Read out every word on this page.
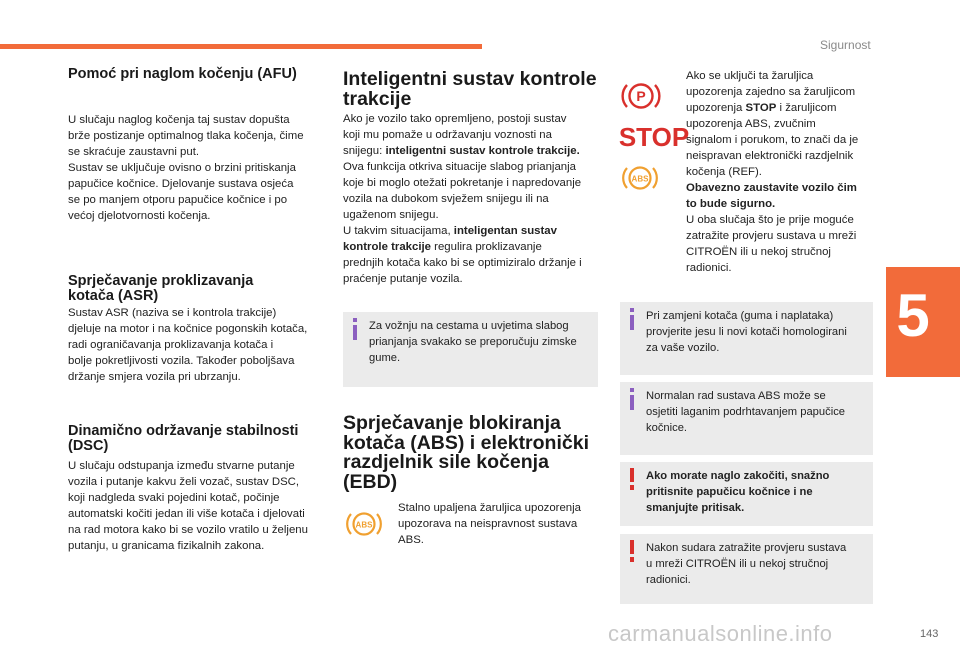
Sigurnost
5
143
Pomoć pri naglom kočenju (AFU)

U slučaju naglog kočenja taj sustav dopušta

brže postizanje optimalnog tlaka kočenja, čime

se skraćuje zaustavni put.

Sustav se uključuje ovisno o brzini pritiskanja

papučice kočnice. Djelovanje sustava osjeća

se po manjem otporu papučice kočnice i po

većoj djelotvornosti kočenja.

Sprječavanje proklizavanja
kotača (ASR)

Sustav ASR (naziva se i kontrola trakcije)

djeluje na motor i na kočnice pogonskih kotača,

radi ograničavanja proklizavanja kotača i

bolje pokretljivosti vozila. Također poboljšava

držanje smjera vozila pri ubrzanju.

Dinamično održavanje stabilnosti
(DSC)

U slučaju odstupanja između stvarne putanje

vozila i putanje kakvu želi vozač, sustav DSC,

koji nadgleda svaki pojedini kotač, počinje

automatski kočiti jedan ili više kotača i djelovati

na rad motora kako bi se vozilo vratilo u željenu

putanju, u granicama fizikalnih zakona.

Inteligentni sustav kontrole
trakcije

Ako je vozilo tako opremljeno, postoji sustav

koji mu pomaže u održavanju voznosti na

snijegu: inteligentni sustav kontrole trakcije.

Ova funkcija otkriva situacije slabog prianjanja

koje bi moglo otežati pokretanje i napredovanje

vozila na dubokom svježem snijegu ili na

ugaženom snijegu.

U takvim situacijama, inteligentan sustav

kontrole trakcije regulira proklizavanje

prednjih kotača kako bi se optimiziralo držanje i

praćenje putanje vozila.

Za vožnju na cestama u uvjetima slabog
prianjanja svakako se preporučuju zimske
gume.
Sprječavanje blokiranja
kotača (ABS) i elektronički
razdjelnik sile kočenja
(EBD)
ABS

Stalno upaljena žaruljica upozorenja

upozorava na neispravnost sustava

ABS.

P
STOP
ABS

Ako se uključi ta žaruljica

upozorenja zajedno sa žaruljicom

upozorenja STOP i žaruljicom

upozorenja ABS, zvučnim

signalom i porukom, to znači da je

neispravan elektronički razdjelnik

kočenja (REF).

Obavezno zaustavite vozilo čim

to bude sigurno.

U oba slučaja što je prije moguće

zatražite provjeru sustava u mreži

CITROËN ili u nekoj stručnoj

radionici.

Pri zamjeni kotača (guma i naplataka)
provjerite jesu li novi kotači homologirani
za vaše vozilo.
Normalan rad sustava ABS može se
osjetiti laganim podrhtavanjem papučice
kočnice.
Ako morate naglo zakočiti, snažno
pritisnite papučicu kočnice i ne
smanjujte pritisak.
Nakon sudara zatražite provjeru sustava
u mreži CITROËN ili u nekoj stručnoj
radionici.
carmanualsonline.info
